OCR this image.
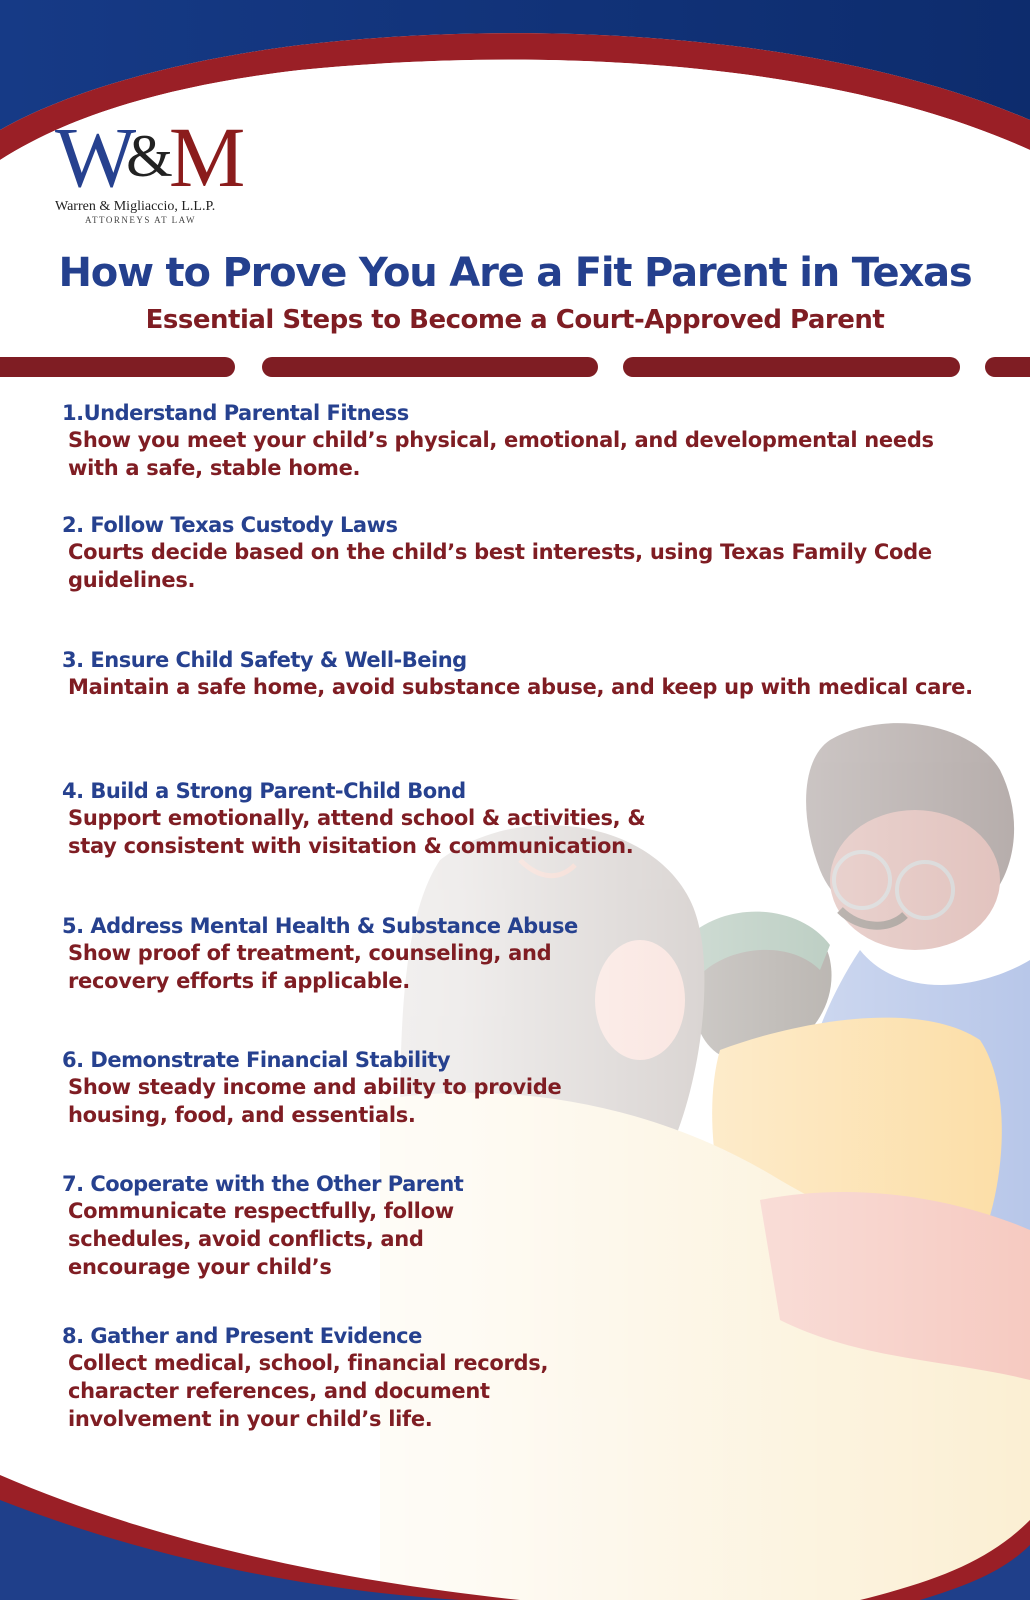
W&M
Warren & Migliaccio, L.L.P.
ATTORNEYS AT LAW
How to Prove You Are a Fit Parent in Texas
Essential Steps to Become a Court-Approved Parent
1.Understand Parental Fitness
Show you meet your child’s physical, emotional, and developmental needs with a safe, stable home.
2. Follow Texas Custody Laws
Courts decide based on the child’s best interests, using Texas Family Code guidelines.
3. Ensure Child Safety & Well-Being
Maintain a safe home, avoid substance abuse, and keep up with medical care.
4. Build a Strong Parent-Child Bond
Support emotionally, attend school & activities, & stay consistent with visitation & communication.
5. Address Mental Health & Substance Abuse
Show proof of treatment, counseling, and recovery efforts if applicable.
6. Demonstrate Financial Stability
Show steady income and ability to provide housing, food, and essentials.
7. Cooperate with the Other Parent
Communicate respectfully, follow schedules, avoid conflicts, and encourage your child’s
8. Gather and Present Evidence
Collect medical, school, financial records, character references, and document involvement in your child’s life.
